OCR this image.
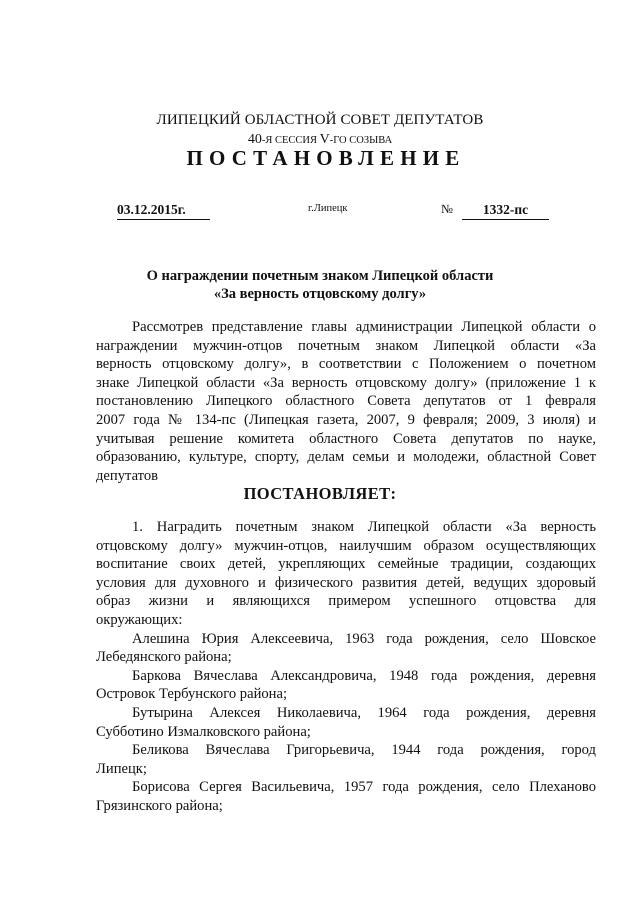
ЛИПЕЦКИЙ ОБЛАСТНОЙ СОВЕТ ДЕПУТАТОВ
40-Я СЕССИЯ V-ГО СОЗЫВА
ПОСТАНОВЛЕНИЕ
03.12.2015г.	г.Липецк	№	1332-пс
О награждении почетным знаком Липецкой области
«За верность отцовскому долгу»
Рассмотрев представление главы администрации Липецкой области о
награждении мужчин-отцов почетным знаком Липецкой области «За
верность отцовскому долгу», в соответствии с Положением о почетном
знаке Липецкой области «За верность отцовскому долгу» (приложение 1 к
постановлению Липецкого областного Совета депутатов от 1 февраля
2007 года № 134-пс (Липецкая газета, 2007, 9 февраля; 2009, 3 июля) и
учитывая решение комитета областного Совета депутатов по науке,
образованию, культуре, спорту, делам семьи и молодежи, областной Совет
депутатов
ПОСТАНОВЛЯЕТ:
1. Наградить почетным знаком Липецкой области «За верность
отцовскому долгу» мужчин-отцов, наилучшим образом осуществляющих
воспитание своих детей, укрепляющих семейные традиции, создающих
условия для духовного и физического развития детей, ведущих здоровый
образ жизни и являющихся примером успешного отцовства для
окружающих:
Алешина Юрия Алексеевича, 1963 года рождения, село Шовское
Лебедянского района;
Баркова Вячеслава Александровича, 1948 года рождения, деревня
Островок Тербунского района;
Бутырина Алексея Николаевича, 1964 года рождения, деревня
Субботино Измалковского района;
Беликова Вячеслава Григорьевича, 1944 года рождения, город
Липецк;
Борисова Сергея Васильевича, 1957 года рождения, село Плеханово
Грязинского района;
